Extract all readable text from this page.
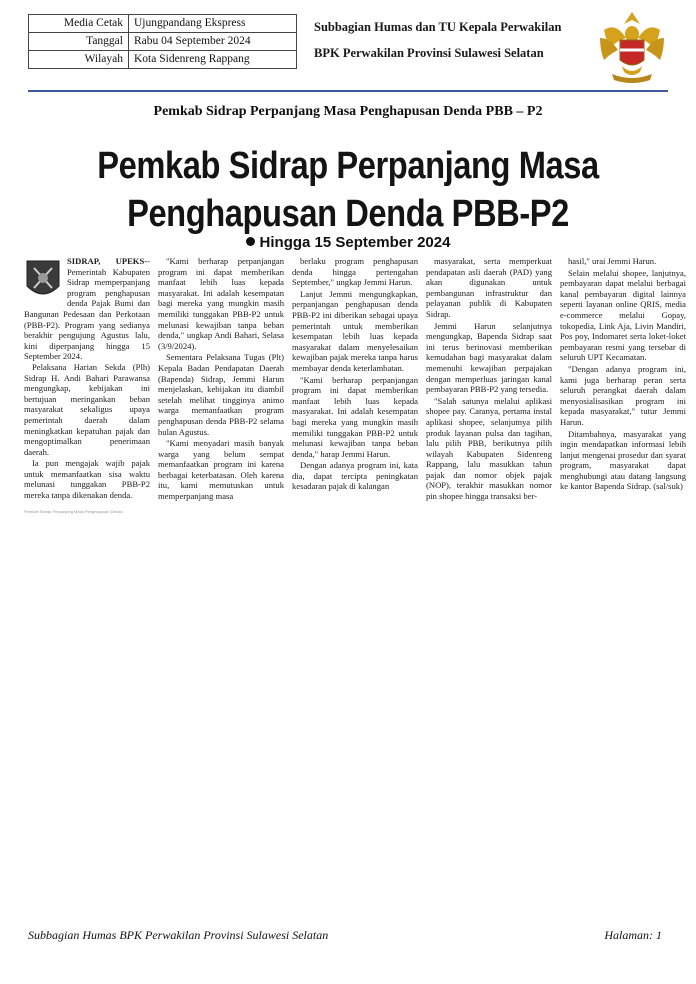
Media Cetak	Ujungpandang Ekspress
Tanggal	Rabu 04 September 2024
Wilayah	Kota Sidenreng Rappang
Subbagian Humas dan TU Kepala Perwakilan
BPK Perwakilan Provinsi Sulawesi Selatan
Pemkab Sidrap Perpanjang Masa Penghapusan Denda PBB – P2
Pemkab Sidrap Perpanjang Masa
Penghapusan Denda PBB-P2
Hingga 15 September 2024

SIDRAP, UPEKS--Pemerintah Kabupaten Sidrap memperpanjang program penghapusan denda Pajak Bumi dan Bangunan Pedesaan dan Perkotaan (PBB-P2). Program yang sedianya berakhir pengujung Agustus lalu, kini diperpanjang hingga 15 September 2024.

Pelaksana Harian Sekda (Plh) Sidrap H. Andi Bahari Parawansa mengungkap, kebijakan ini bertujuan meringankan beban masyarakat sekaligus upaya pemerintah daerah dalam meningkatkan kepatuhan pajak dan mengoptimalkan penerimaan daerah.

Ia pun mengajak wajib pajak untuk memanfaatkan sisa waktu melunasi tunggakan PBB-P2 mereka tanpa dikenakan denda.

Pemkab Sidrap Perpanjang Masa Penghapusan Denda

"Kami berharap perpanjangan program ini dapat memberikan manfaat lebih luas kepada masyarakat. Ini adalah kesempatan bagi mereka yang mungkin masih memiliki tunggakan PBB-P2 untuk melunasi kewajiban tanpa beban denda," ungkap Andi Bahari, Selasa (3/9/2024).

Sementara Pelaksana Tugas (Plt) Kepala Badan Pendapatan Daerah (Bapenda) Sidrap, Jemmi Harun menjelaskan, kebijakan itu diambil setelah melihat tingginya animo warga memanfaatkan program penghapusan denda PBB-P2 selama bulan Agustus.

"Kami menyadari masih banyak warga yang belum sempat memanfaatkan program ini karena berbagai keterbatasan. Oleh karena itu, kami memutuskan untuk memperpanjang masa

berlaku program penghapusan denda hingga pertengahan September," ungkap Jemmi Harun.

Lanjut Jemmi mengungkapkan, perpanjangan penghapusan denda PBB-P2 ini diberikan sebagai upaya pemerintah untuk memberikan kesempatan lebih luas kepada masyarakat dalam menyelesaikan kewajiban pajak mereka tanpa harus membayar denda keterlambatan.

"Kami berharap perpanjangan program ini dapat memberikan manfaat lebih luas kepada masyarakat. Ini adalah kesempatan bagi mereka yang mungkin masih memiliki tunggakan PBB-P2 untuk melunasi kewajiban tanpa beban denda," harap Jemmi Harun.

Dengan adanya program ini, kata dia, dapat tercipta peningkatan kesadaran pajak di kalangan

masyarakat, serta memperkuat pendapatan asli daerah (PAD) yang akan digunakan untuk pembangunan infrastruktur dan pelayanan publik di Kabupaten Sidrap.

Jemmi Harun selanjutnya mengungkap, Bapenda Sidrap saat ini terus berinovasi memberikan kemudahan bagi masyarakat dalam memenuhi kewajiban perpajakan dengan memperluas jaringan kanal pembayaran PBB-P2 yang tersedia.

"Salah satunya melalui aplikasi shopee pay. Caranya, pertama instal aplikasi shopee, selanjutnya pilih produk layanan pulsa dan tagihan, lalu pilih PBB, berikutnya pilih wilayah Kabupaten Sidenreng Rappang, lalu masukkan tahun pajak dan nomor objek pajak (NOP), terakhir masukkan nomor pin shopee hingga transaksi ber-

hasil," urai Jemmi Harun.

Selain melalui shopee, lanjutnya, pembayaran dapat melalui berbagai kanal pembayaran digital lainnya seperti layanan online QRIS, media e-commerce melalui Gopay, tokopedia, Link Aja, Livin Mandiri, Pos poy, Indomaret serta loket-loket pembayaran resmi yang tersebar di seluruh UPT Kecamatan.

"Dengan adanya program ini, kami juga berharap peran serta seluruh perangkat daerah dalam menyosialisasikan program ini kepada masyarakat," tutur Jemmi Harun.

Ditambahnya, masyarakat yang ingin mendapatkan informasi lebih lanjut mengenai prosedur dan syarat program, masyarakat dapat menghubungi atau datang langsung ke kantor Bapenda Sidrap. (sal/suk)

Subbagian Humas BPK Perwakilan Provinsi Sulawesi Selatan	Halaman: 1
